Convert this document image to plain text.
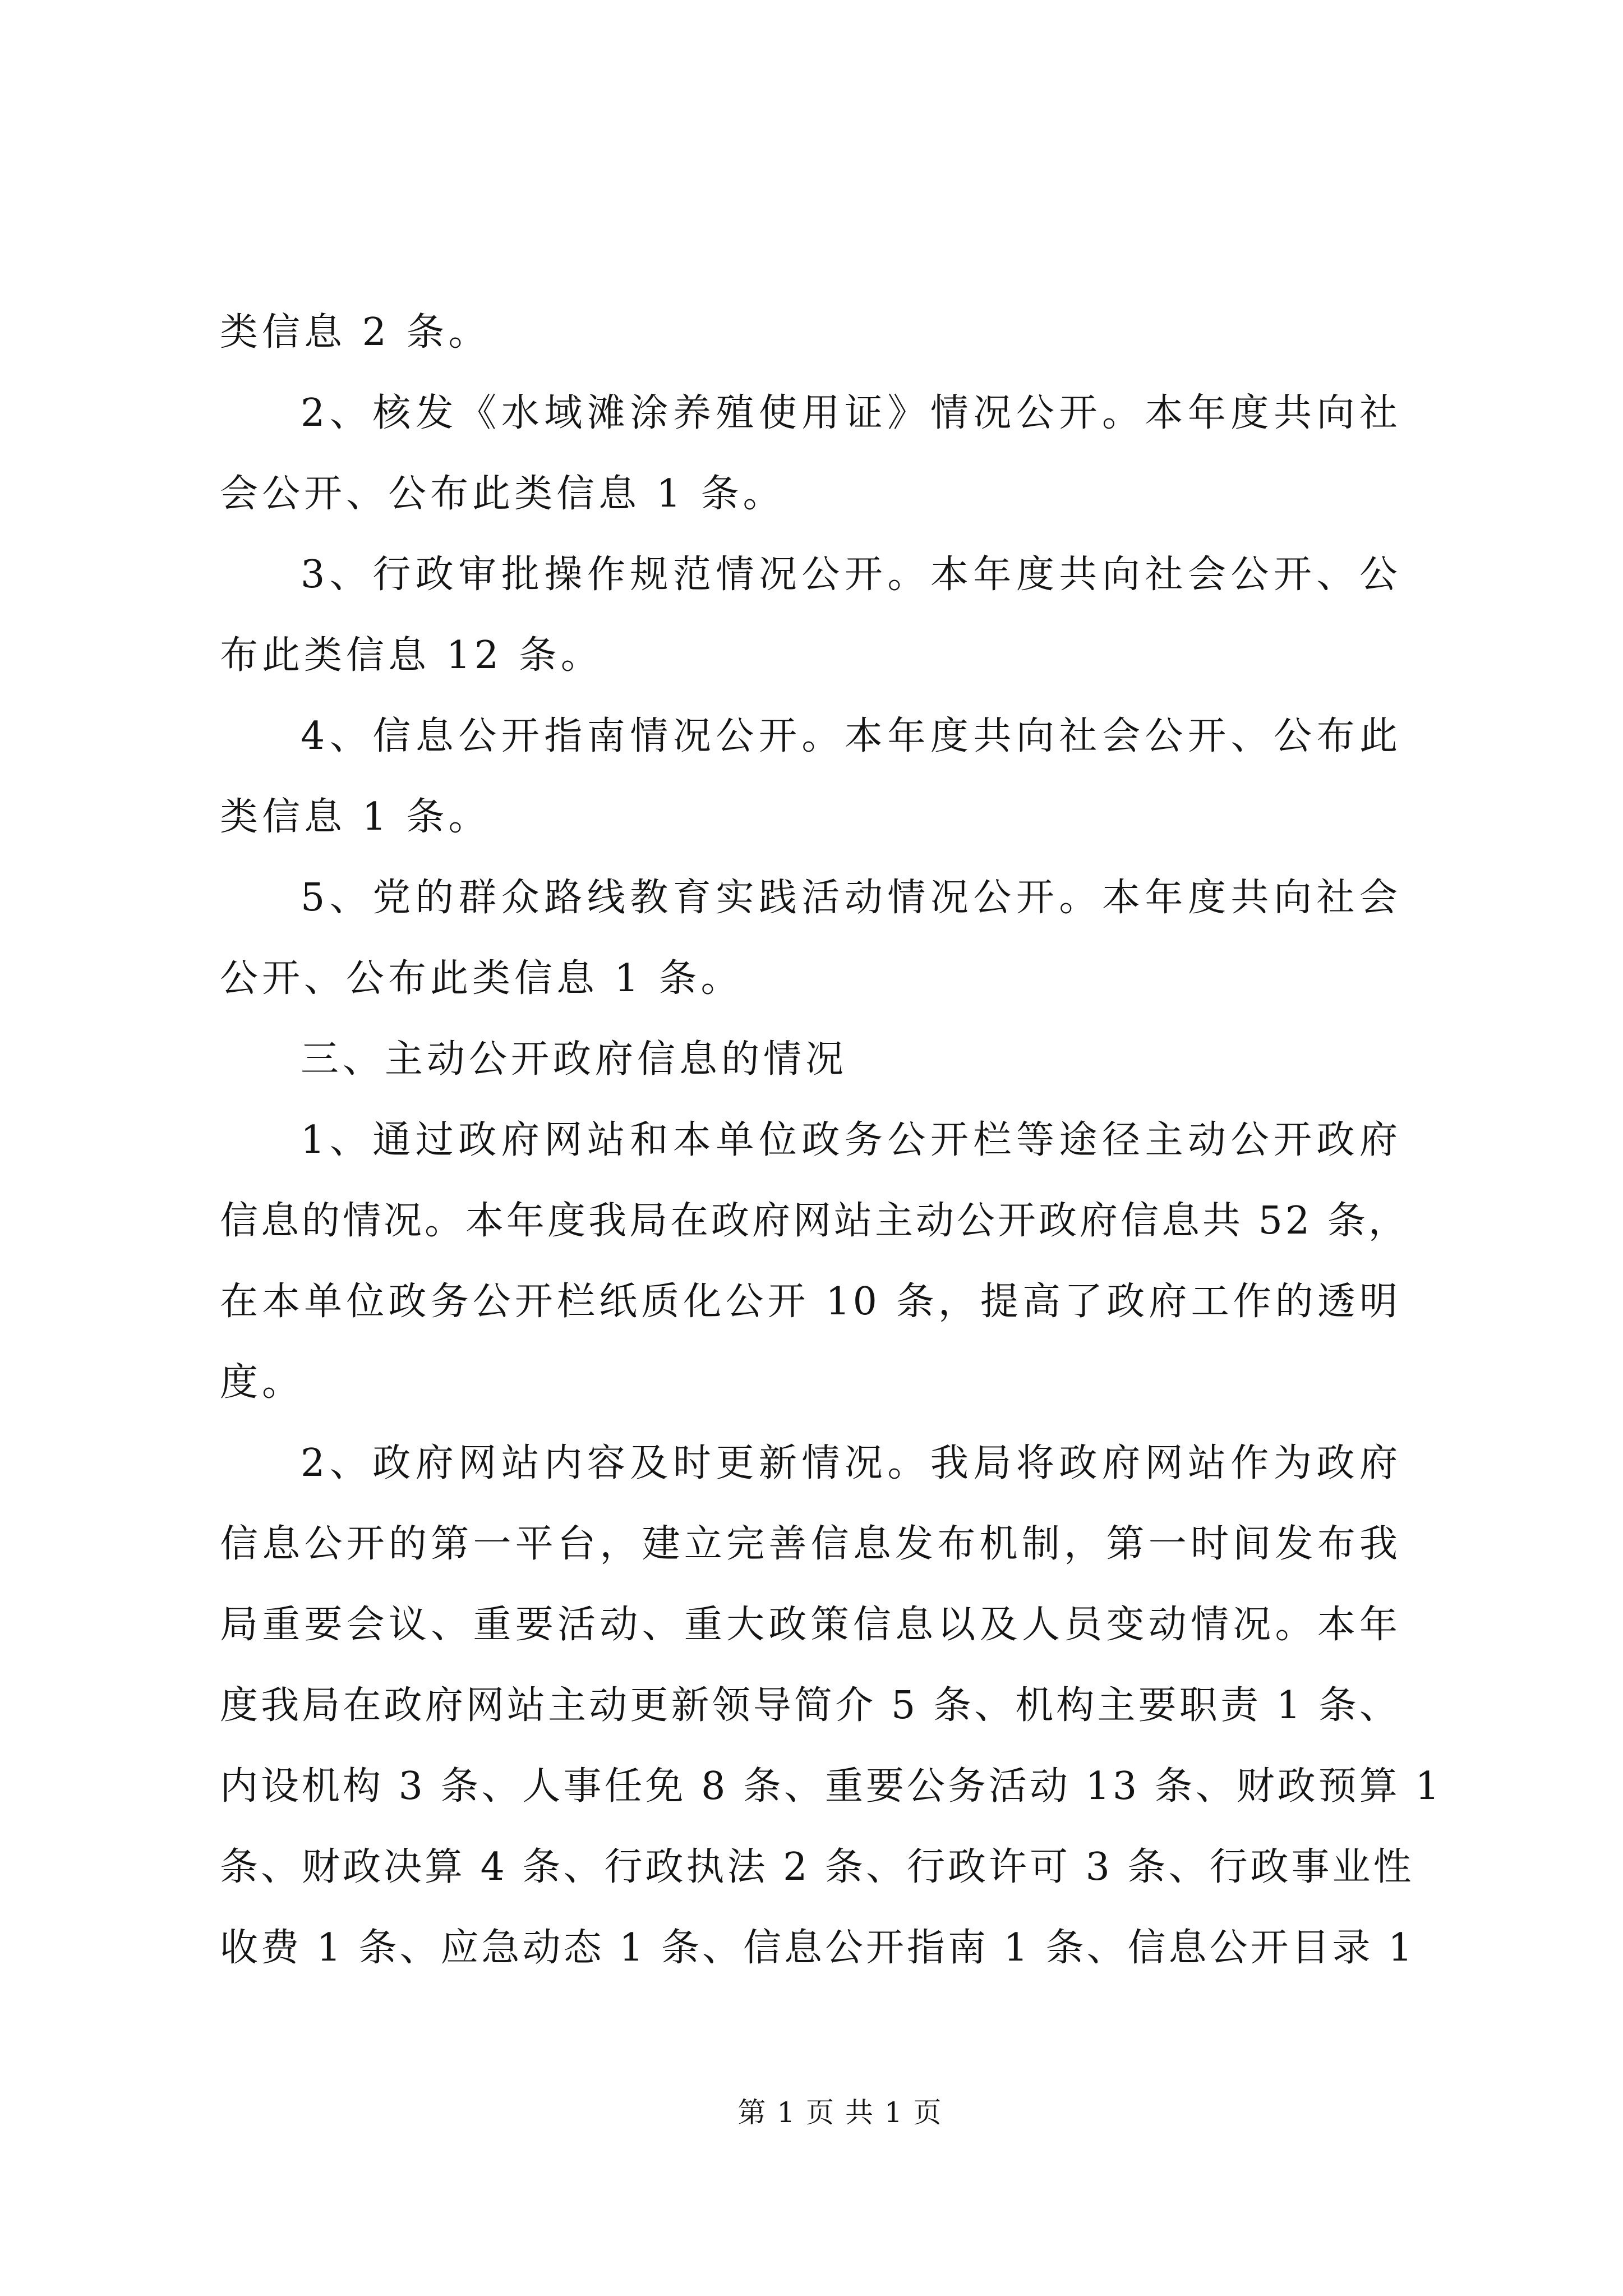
类信息 2 条。
2、核发《水域滩涂养殖使用证》情况公开。本年度共向社
会公开、公布此类信息 1 条。
3、行政审批操作规范情况公开。本年度共向社会公开、公
布此类信息 12 条。
4、信息公开指南情况公开。本年度共向社会公开、公布此
类信息 1 条。
5、党的群众路线教育实践活动情况公开。本年度共向社会
公开、公布此类信息 1 条。
三、主动公开政府信息的情况
1、通过政府网站和本单位政务公开栏等途径主动公开政府
信息的情况。本年度我局在政府网站主动公开政府信息共 52 条，
在本单位政务公开栏纸质化公开 10 条，提高了政府工作的透明
度。
2、政府网站内容及时更新情况。我局将政府网站作为政府
信息公开的第一平台，建立完善信息发布机制，第一时间发布我
局重要会议、重要活动、重大政策信息以及人员变动情况。本年
度我局在政府网站主动更新领导简介 5 条、机构主要职责 1 条、
内设机构 3 条、人事任免 8 条、重要公务活动 13 条、财政预算 1
条、财政决算 4 条、行政执法 2 条、行政许可 3 条、行政事业性
收费 1 条、应急动态 1 条、信息公开指南 1 条、信息公开目录 1
第 1 页 共 1 页
